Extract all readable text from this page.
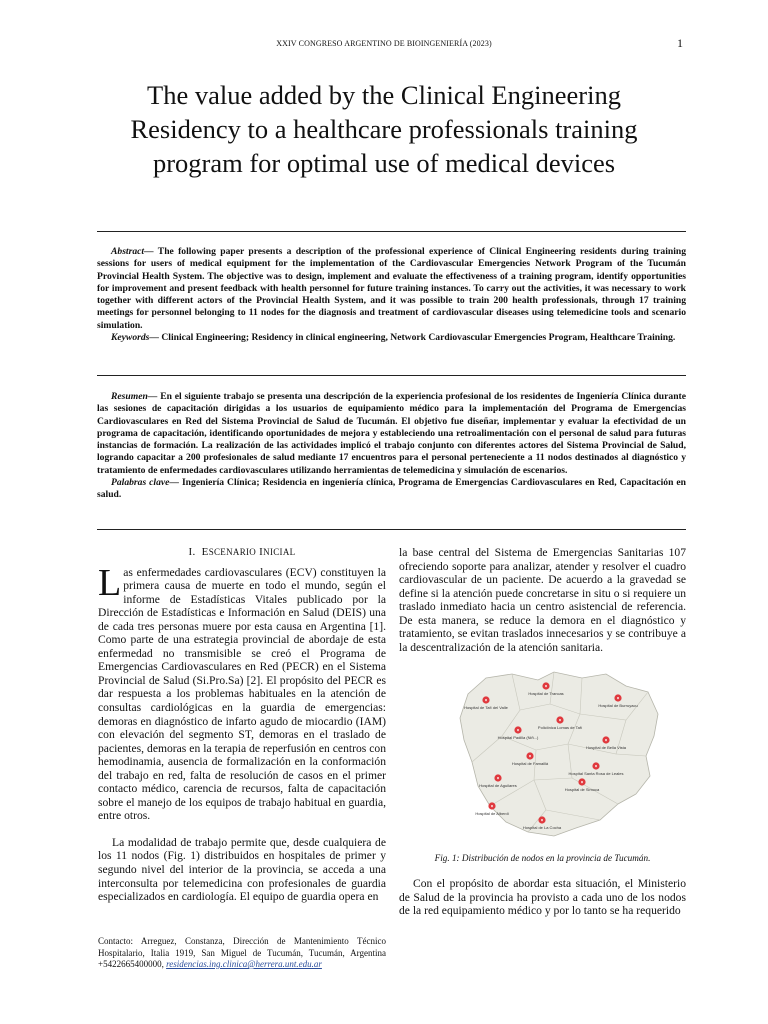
XXIV CONGRESO ARGENTINO DE BIOINGENIERÍA (2023)	1
The value added by the Clinical Engineering Residency to a healthcare professionals training program for optimal use of medical devices

Abstract— The following paper presents a description of the professional experience of Clinical Engineering residents during training sessions for users of medical equipment for the implementation of the Cardiovascular Emergencies Network Program of the Tucumán Provincial Health System. The objective was to design, implement and evaluate the effectiveness of a training program, identify opportunities for improvement and present feedback with health personnel for future training instances. To carry out the activities, it was necessary to work together with different actors of the Provincial Health System, and it was possible to train 200 health professionals, through 17 training meetings for personnel belonging to 11 nodes for the diagnosis and treatment of cardiovascular diseases using telemedicine tools and scenario simulation.

Keywords— Clinical Engineering; Residency in clinical engineering, Network Cardiovascular Emergencies Program, Healthcare Training.

Resumen— En el siguiente trabajo se presenta una descripción de la experiencia profesional de los residentes de Ingeniería Clínica durante las sesiones de capacitación dirigidas a los usuarios de equipamiento médico para la implementación del Programa de Emergencias Cardiovasculares en Red del Sistema Provincial de Salud de Tucumán. El objetivo fue diseñar, implementar y evaluar la efectividad de un programa de capacitación, identificando oportunidades de mejora y estableciendo una retroalimentación con el personal de salud para futuras instancias de formación. La realización de las actividades implicó el trabajo conjunto con diferentes actores del Sistema Provincial de Salud, logrando capacitar a 200 profesionales de salud mediante 17 encuentros para el personal perteneciente a 11 nodos destinados al diagnóstico y tratamiento de enfermedades cardiovasculares utilizando herramientas de telemedicina y simulación de escenarios.

Palabras clave— Ingeniería Clínica; Residencia en ingeniería clínica, Programa de Emergencias Cardiovasculares en Red, Capacitación en salud.

I. ESCENARIO INICIAL

Las enfermedades cardiovasculares (ECV) constituyen la primera causa de muerte en todo el mundo, según el informe de Estadísticas Vitales publicado por la Dirección de Estadísticas e Información en Salud (DEIS) una de cada tres personas muere por esta causa en Argentina [1]. Como parte de una estrategia provincial de abordaje de esta enfermedad no transmisible se creó el Programa de Emergencias Cardiovasculares en Red (PECR) en el Sistema Provincial de Salud (Si.Pro.Sa) [2]. El propósito del PECR es dar respuesta a los problemas habituales en la atención de consultas cardiológicas en la guardia de emergencias: demoras en diagnóstico de infarto agudo de miocardio (IAM) con elevación del segmento ST, demoras en el traslado de pacientes, demoras en la terapia de reperfusión en centros con hemodinamia, ausencia de formalización en la conformación del trabajo en red, falta de resolución de casos en el primer contacto médico, carencia de recursos, falta de capacitación sobre el manejo de los equipos de trabajo habitual en guardia, entre otros.

La modalidad de trabajo permite que, desde cualquiera de los 11 nodos (Fig. 1) distribuidos en hospitales de primer y segundo nivel del interior de la provincia, se acceda a una interconsulta por telemedicina con profesionales de guardia especializados en cardiología. El equipo de guardia opera en

la base central del Sistema de Emergencias Sanitarias 107 ofreciendo soporte para analizar, atender y resolver el cuadro cardiovascular de un paciente. De acuerdo a la gravedad se define si la atención puede concretarse in situ o si requiere un traslado inmediato hacia un centro asistencial de referencia. De esta manera, se reduce la demora en el diagnóstico y tratamiento, se evitan traslados innecesarios y se contribuye a la descentralización de la atención sanitaria.

♥
♥
♥
♥
♥
♥
♥
♥
♥
♥
♥
♥
Hospital de Tafí del Valle
Hospital de Trancas
Hospital de Burruyacu
Policlínica Lomas de Tafí
Hospital Padilla (Niñ...)
Hospital de Famaillá
Hospital Santa Rosa de Leales
Hospital de Bella Vista
Hospital de Aguilares
Hospital de Simoca
Hospital de Alberdi
Hospital de La Cocha
Fig. 1: Distribución de nodos en la provincia de Tucumán.

Con el propósito de abordar esta situación, el Ministerio de Salud de la provincia ha provisto a cada uno de los nodos de la red equipamiento médico y por lo tanto se ha requerido

Contacto: Arreguez, Constanza, Dirección de Mantenimiento Técnico Hospitalario, Italia 1919, San Miguel de Tucumán, Tucumán, Argentina +5422665400000, residencias.ing.clinica@herrera.unt.edu.ar
